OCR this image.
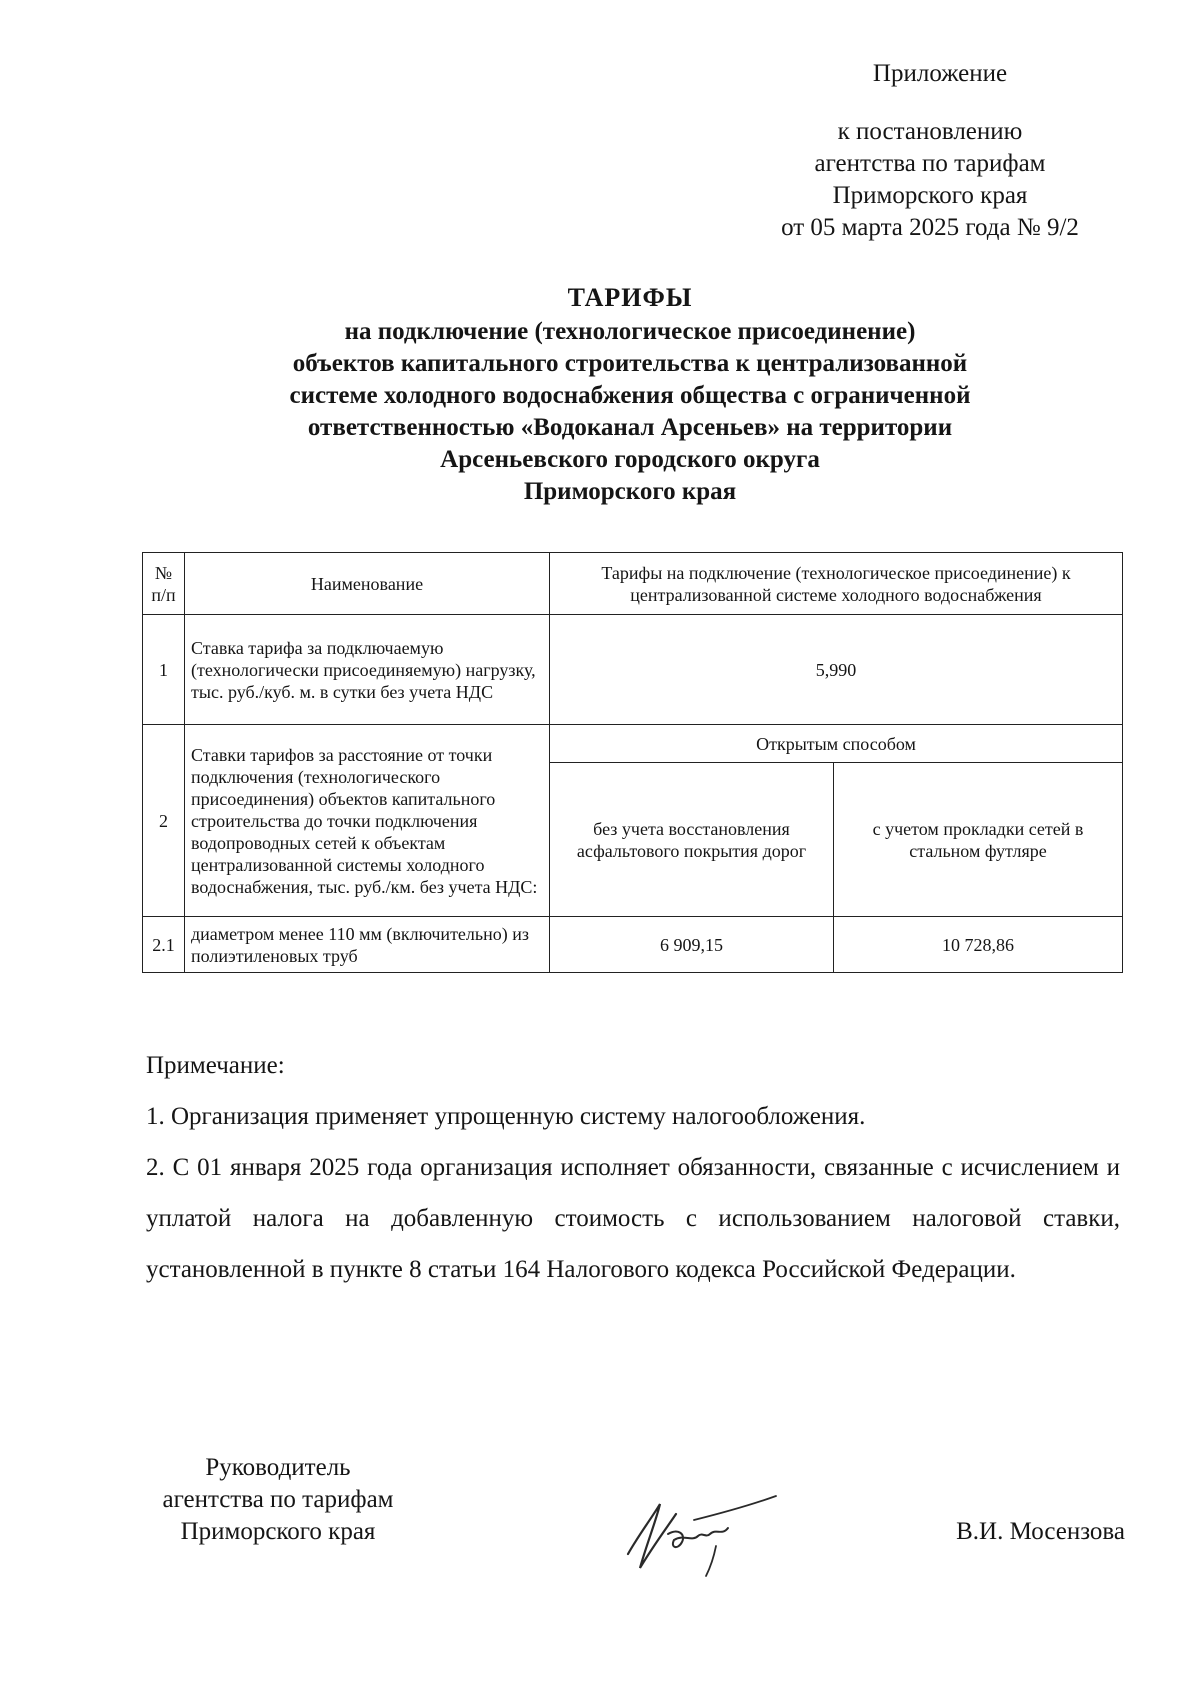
Приложение
к постановлению
агентства по тарифам
Приморского края
от 05 марта 2025 года № 9/2
ТАРИФЫ
на подключение (технологическое присоединение)
объектов капитального строительства к централизованной
системе холодного водоснабжения общества с ограниченной
ответственностью «Водоканал Арсеньев» на территории
Арсеньевского городского округа
Приморского края
№ п/п	Наименование	Тарифы на подключение (технологическое присоединение) к централизованной системе холодного водоснабжения	
1	Ставка тарифа за подключаемую (технологически присоединяемую) нагрузку, тыс. руб./куб. м. в сутки без учета НДС	5,990	
2	Ставки тарифов за расстояние от точки подключения (технологического присоединения) объектов капитального строительства до точки подключения водопроводных сетей к объектам централизованной системы холодного водоснабжения, тыс. руб./км. без учета НДС:	Открытым способом	
		без учета восстановления асфальтового покрытия дорог	с учетом прокладки сетей в стальном футляре
2.1	диаметром менее 110 мм (включительно) из полиэтиленовых труб	6 909,15	10 728,86

Примечание:

1. Организация применяет упрощенную систему налогообложения.

2. С 01 января 2025 года организация исполняет обязанности, связанные с исчислением и уплатой налога на добавленную стоимость с использованием налоговой ставки, установленной в пункте 8 статьи 164 Налогового кодекса Российской Федерации.

Руководитель
агентства по тарифам
Приморского края	В.И. Мосензова
